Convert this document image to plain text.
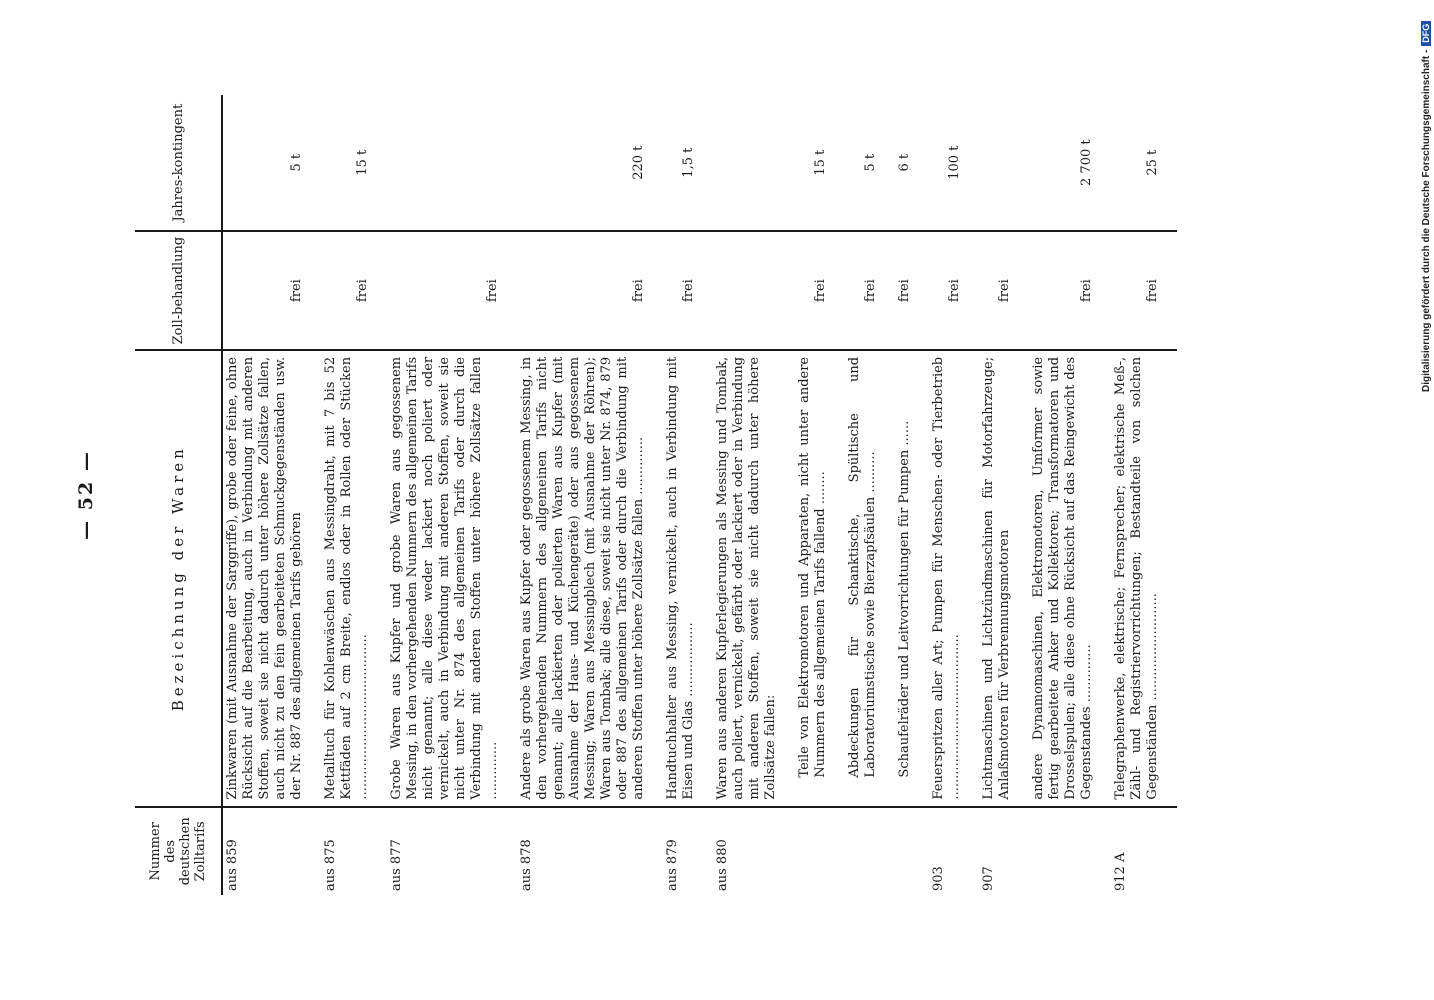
— 52 —
Nummer des deutschen Zolltarifs	Bezeichnung der Waren	Zoll-behandlung	Jahres-kontingent
aus 859	Zinkwaren (mit Ausnahme der Sarggriffe), grobe oder feine, ohne Rücksicht auf die Bearbeitung, auch in Verbindung mit anderen Stoffen, soweit sie nicht dadurch unter höhere Zollsätze fallen, auch nicht zu den fein gearbeiteten Schmuckgegenständen usw. der Nr. 887 des allgemeinen Tarifs gehören	frei	5 t

aus 875	Metalltuch für Kohlenwäschen aus Messingdraht, mit 7 bis 52 Kettfäden auf 2 cm Breite, endlos oder in Rollen oder Stücken ........................................	frei	15 t

aus 877	Grobe Waren aus Kupfer und grobe Waren aus gegossenem Messing, in den vorhergehenden Nummern des allgemeinen Tarifs nicht genannt; alle diese weder lackiert noch poliert oder vernickelt, auch in Verbindung mit anderen Stoffen, soweit sie nicht unter Nr. 874 des allgemeinen Tarifs oder durch die Verbindung mit anderen Stoffen unter höhere Zollsätze fallen ..............	frei	

aus 878	Andere als grobe Waren aus Kupfer oder gegossenem Messing, in den vorhergehenden Nummern des allgemeinen Tarifs nicht genannt; alle lackierten oder polierten Waren aus Kupfer (mit Ausnahme der Haus- und Küchengeräte) oder aus gegossenem Messing; Waren aus Messingblech (mit Ausnahme der Röhren); Waren aus Tombak; alle diese, soweit sie nicht unter Nr. 874, 879 oder 887 des allgemeinen Tarifs oder durch die Verbindung mit anderen Stoffen unter höhere Zollsätze fallen ..............	frei	220 t

aus 879	Handtuchhalter aus Messing, vernickelt, auch in Verbindung mit Eisen und Glas ..................	frei	1,5 t

aus 880	Waren aus anderen Kupferlegierungen als Messing und Tombak, auch poliert, vernickelt, gefärbt oder lackiert oder in Verbindung mit anderen Stoffen, soweit sie nicht dadurch unter höhere Zollsätze fallen:		

	Teile von Elektromotoren und Apparaten, nicht unter andere Nummern des allgemeinen Tarifs fallend ........	frei	15 t

	Abdeckungen für Schanktische, Spültische und Laboratoriumstische sowie Bierzapfsäulen ..........	frei	5 t

	Schaufelräder und Leitvorrichtungen für Pumpen ......	frei	6 t

903	Feuerspritzen aller Art; Pumpen für Menschen- oder Tierbetrieb ........................................	frei	100 t

907	Lichtmaschinen und Lichtzündmaschinen für Motorfahrzeuge; Anlaßmotoren für Verbrennungsmotoren	frei	

	andere Dynamomaschinen, Elektromotoren, Umformer sowie fertig gearbeitete Anker und Kollektoren; Transformatoren und Drosselspulen; alle diese ohne Rücksicht auf das Reingewicht des Gegenstandes ..............	frei	2 700 t

912 A	Telegraphenwerke, elektrische; Fernsprecher; elektrische Meß-, Zähl- und Registriervorrichtungen; Bestandteile von solchen Gegenständen ..........................	frei	25 t
				Digitalisierung gefördert durch die Deutsche Forschungsgemeinschaft -DFG
